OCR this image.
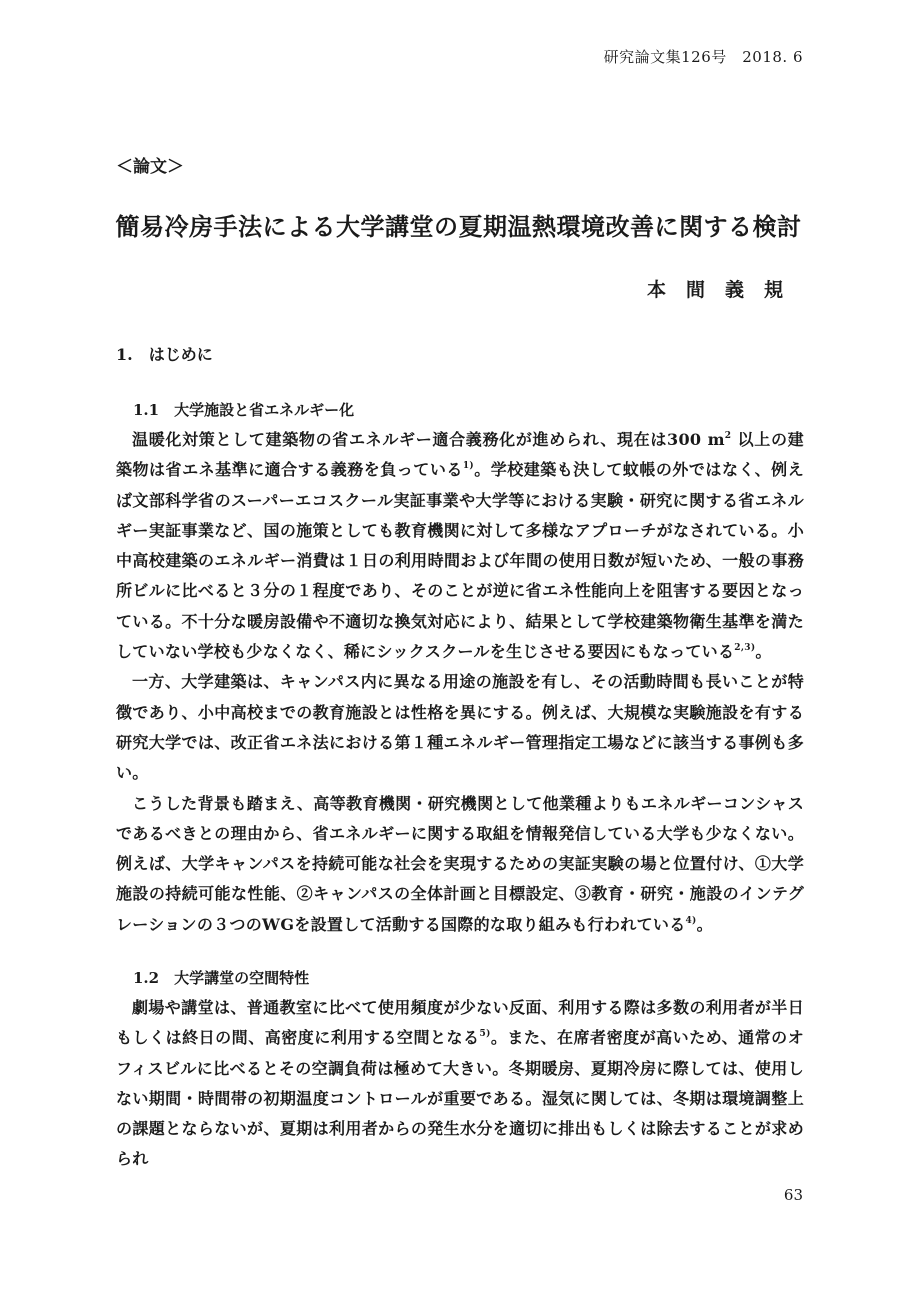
研究論文集126号　2018. 6
＜論文＞
簡易冷房手法による大学講堂の夏期温熱環境改善に関する検討
本間義規
1.　はじめに
1.1　大学施設と省エネルギー化

温暖化対策として建築物の省エネルギー適合義務化が進められ、現在は300 $m^2$ 以上の建築物は省エネ基準に適合する義務を負っている$^{1)}$。学校建築も決して蚊帳の外ではなく、例えば文部科学省のスーパーエコスクール実証事業や大学等における実験・研究に関する省エネルギー実証事業など、国の施策としても教育機関に対して多様なアプローチがなされている。小中高校建築のエネルギー消費は１日の利用時間および年間の使用日数が短いため、一般の事務所ビルに比べると３分の１程度であり、そのことが逆に省エネ性能向上を阻害する要因となっている。不十分な暖房設備や不適切な換気対応により、結果として学校建築物衛生基準を満たしていない学校も少なくなく、稀にシックスクールを生じさせる要因にもなっている$^{2,3)}$。

一方、大学建築は、キャンパス内に異なる用途の施設を有し、その活動時間も長いことが特徴であり、小中高校までの教育施設とは性格を異にする。例えば、大規模な実験施設を有する研究大学では、改正省エネ法における第１種エネルギー管理指定工場などに該当する事例も多い。

こうした背景も踏まえ、高等教育機関・研究機関として他業種よりもエネルギーコンシャスであるべきとの理由から、省エネルギーに関する取組を情報発信している大学も少なくない。例えば、大学キャンパスを持続可能な社会を実現するための実証実験の場と位置付け、①大学施設の持続可能な性能、②キャンパスの全体計画と目標設定、③教育・研究・施設のインテグレーションの３つのWGを設置して活動する国際的な取り組みも行われている$^{4)}$。

1.2　大学講堂の空間特性

劇場や講堂は、普通教室に比べて使用頻度が少ない反面、利用する際は多数の利用者が半日もしくは終日の間、高密度に利用する空間となる$^{5)}$。また、在席者密度が高いため、通常のオフィスビルに比べるとその空調負荷は極めて大きい。冬期暖房、夏期冷房に際しては、使用しない期間・時間帯の初期温度コントロールが重要である。湿気に関しては、冬期は環境調整上の課題とならないが、夏期は利用者からの発生水分を適切に排出もしくは除去することが求められ

63
